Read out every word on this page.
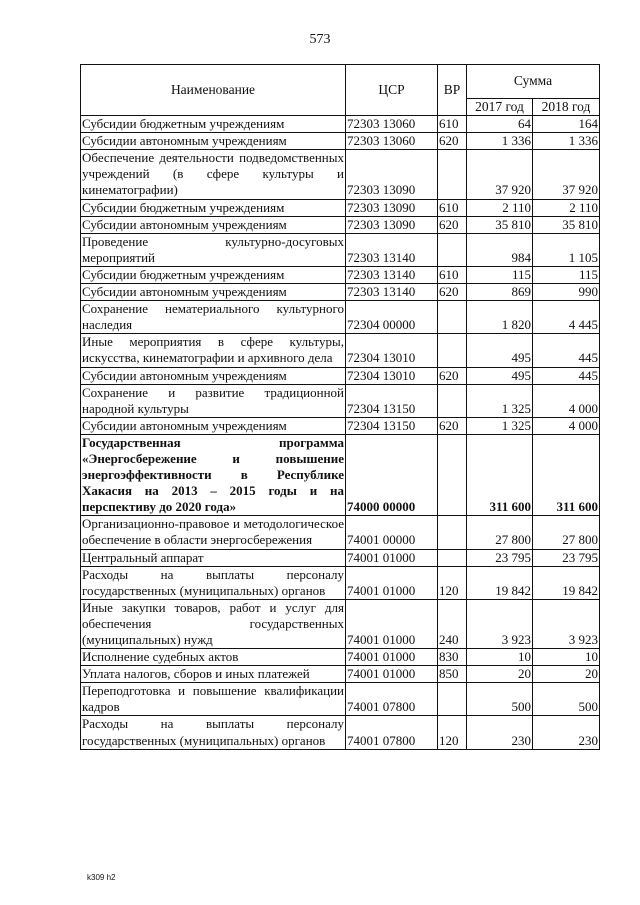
573
Наименование	ЦСР	ВР	Сумма	
			2017 год	2018 год
Субсидии бюджетным учреждениям	72303 13060	610	64	164
Субсидии автономным учреждениям	72303 13060	620	1 336	1 336
Обеспечение деятельности подведомственных учреждений (в сфере культуры и кинематографии)	72303 13090		37 920	37 920
Субсидии бюджетным учреждениям	72303 13090	610	2 110	2 110
Субсидии автономным учреждениям	72303 13090	620	35 810	35 810
Проведение культурно-досуговых мероприятий	72303 13140		984	1 105
Субсидии бюджетным учреждениям	72303 13140	610	115	115
Субсидии автономным учреждениям	72303 13140	620	869	990
Сохранение нематериального культурного наследия	72304 00000		1 820	4 445
Иные мероприятия в сфере культуры, искусства, кинематографии и архивного дела	72304 13010		495	445
Субсидии автономным учреждениям	72304 13010	620	495	445
Сохранение и развитие традиционной народной культуры	72304 13150		1 325	4 000
Субсидии автономным учреждениям	72304 13150	620	1 325	4 000
Государственная программа «Энергосбережение и повышение энергоэффективности в Республике Хакасия на 2013 – 2015 годы и на перспективу до 2020 года»	74000 00000		311 600	311 600
Организационно-правовое и методологическое обеспечение в области энергосбережения	74001 00000		27 800	27 800
Центральный аппарат	74001 01000		23 795	23 795
Расходы на выплаты персоналу государственных (муниципальных) органов	74001 01000	120	19 842	19 842
Иные закупки товаров, работ и услуг для обеспечения государственных (муниципальных) нужд	74001 01000	240	3 923	3 923
Исполнение судебных актов	74001 01000	830	10	10
Уплата налогов, сборов и иных платежей	74001 01000	850	20	20
Переподготовка и повышение квалификации кадров	74001 07800		500	500
Расходы на выплаты персоналу государственных (муниципальных) органов	74001 07800	120	230	230
k309 h2
